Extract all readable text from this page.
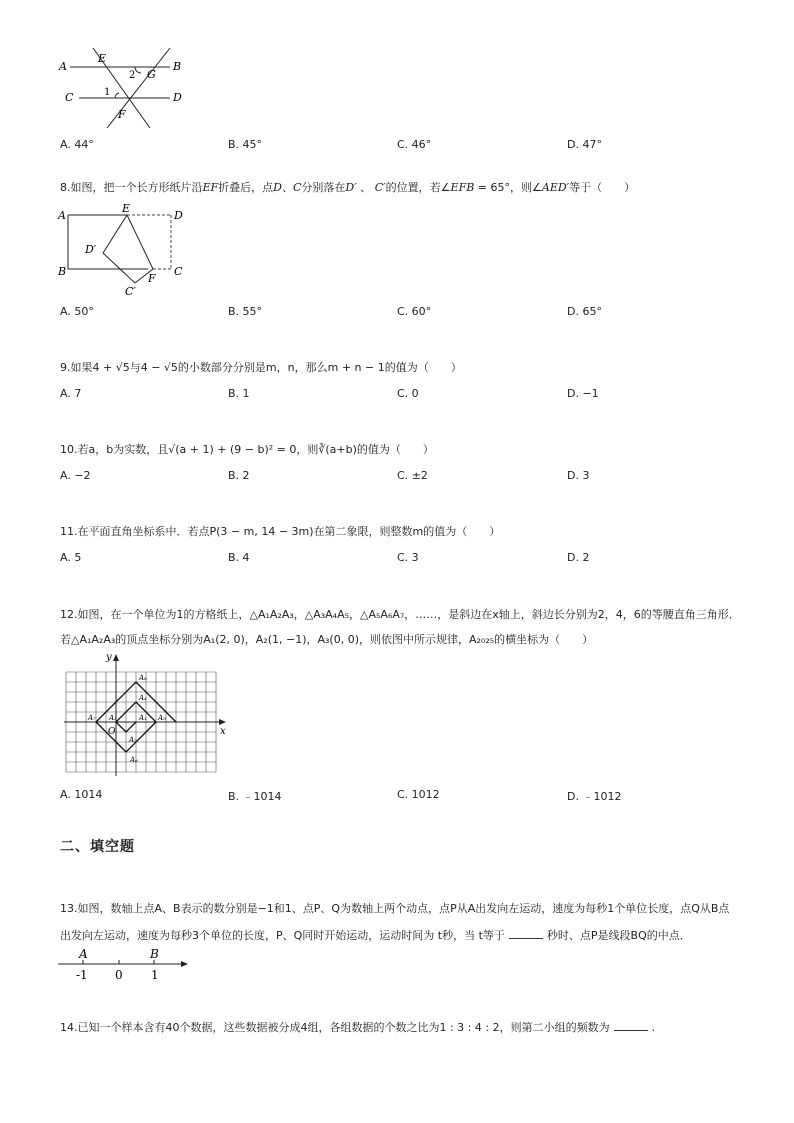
A	B
C	D
E
F
G
1
2
A. 44°	B. 45°	C. 46°	D. 47°
8.如图，把一个长方形纸片沿EF折叠后，点D、C分别落在D′ 、 C′的位置，若∠EFB = 65°，则∠AED′等于（　　）
A
B
D
C
E
F
D′
C′
A. 50°	B. 55°	C. 60°	D. 65°
9.如果4 + √5与4 − √5的小数部分分别是m，n，那么m + n − 1的值为（　　）
A. 7	B. 1	C. 0	D. −1
10.若a，b为实数，且√(a + 1) + (9 − b)² = 0，则∛(a+b)的值为（　　）
A. −2	B. 2	C. ±2	D. 3
11.在平面直角坐标系中．若点P(3 − m, 14 − 3m)在第二象限，则整数m的值为（　　）
A. 5	B. 4	C. 3	D. 2
12.如图，在一个单位为1的方格纸上，△A₁A₂A₃，△A₃A₄A₅，△A₅A₆A₇，……，是斜边在x轴上，斜边长分别为2，4，6的等腰直角三角形．若△A₁A₂A₃的顶点坐标分别为A₁(2, 0)，A₂(1, −1)，A₃(0, 0)，则依图中所示规律，A₂₀₂₅的横坐标为（　　）
y
x
O
A₁
A₂
A₃
A₄
A₅
A₆
A₇
A₈
A. 1014	B. ﹣1014	C. 1012	D. ﹣1012
二、填空题
13.如图，数轴上点A、B表示的数分别是−1和1、点P、Q为数轴上两个动点，点P从A出发向左运动，速度为每秒1个单位长度，点Q从B点出发向左运动，速度为每秒3个单位的长度，P、Q同时开始运动，运动时间为 t秒，当 t等于	秒时、点P是线段BQ的中点．
A	B
-1 0 1
14.已知一个样本含有40个数据，这些数据被分成4组，各组数据的个数之比为1 : 3 : 4 : 2，则第二小组的频数为	.
